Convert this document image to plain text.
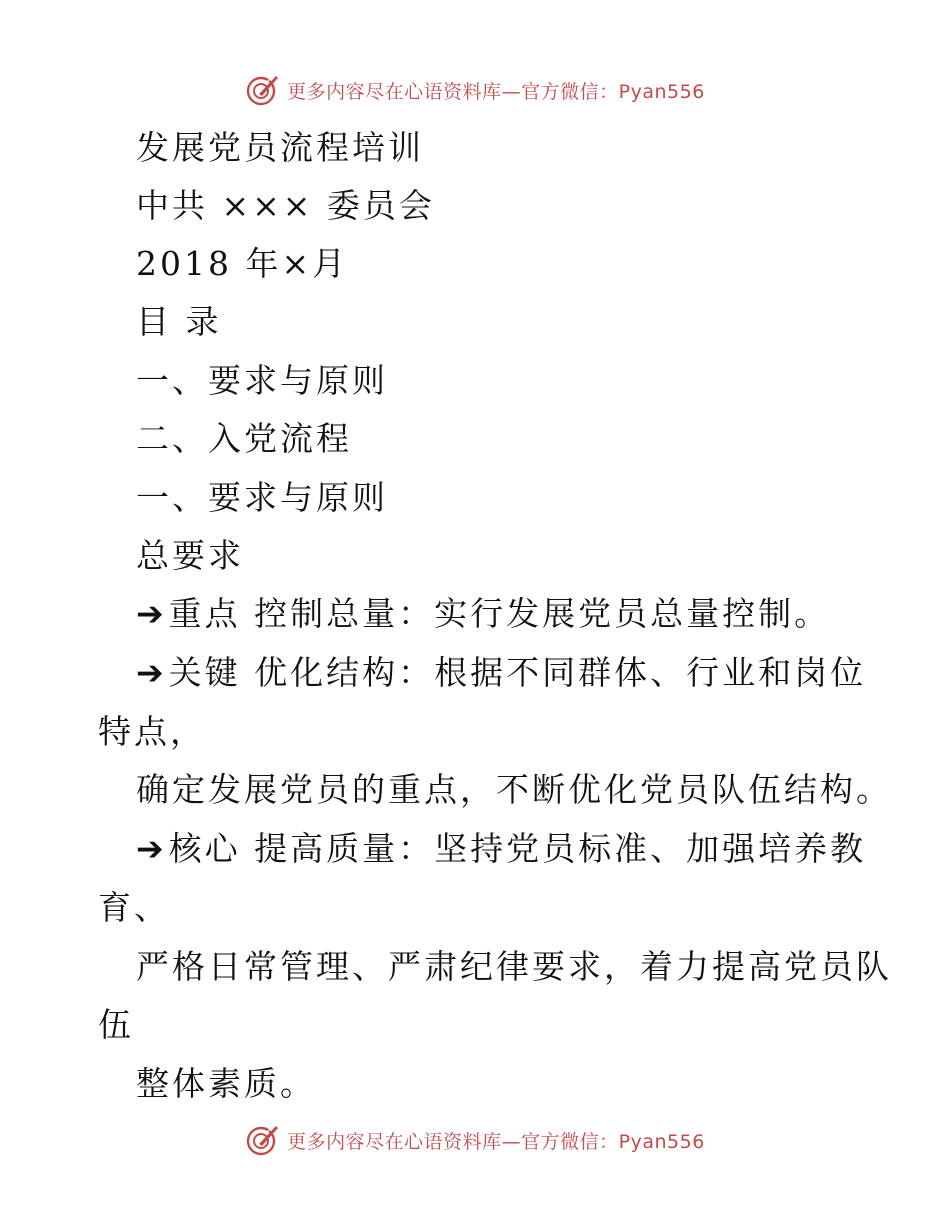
更多内容尽在心语资料库—官方微信：Pyan556
发展党员流程培训
中共 ××× 委员会
2018 年×月
目 录
一、要求与原则
二、入党流程
一、要求与原则
总要求
➔重点 控制总量：实行发展党员总量控制。
➔关键 优化结构：根据不同群体、行业和岗位
特点，
确定发展党员的重点，不断优化党员队伍结构。
➔核心 提高质量：坚持党员标准、加强培养教
育、
严格日常管理、严肃纪律要求，着力提高党员队
伍
整体素质。
更多内容尽在心语资料库—官方微信：Pyan556
